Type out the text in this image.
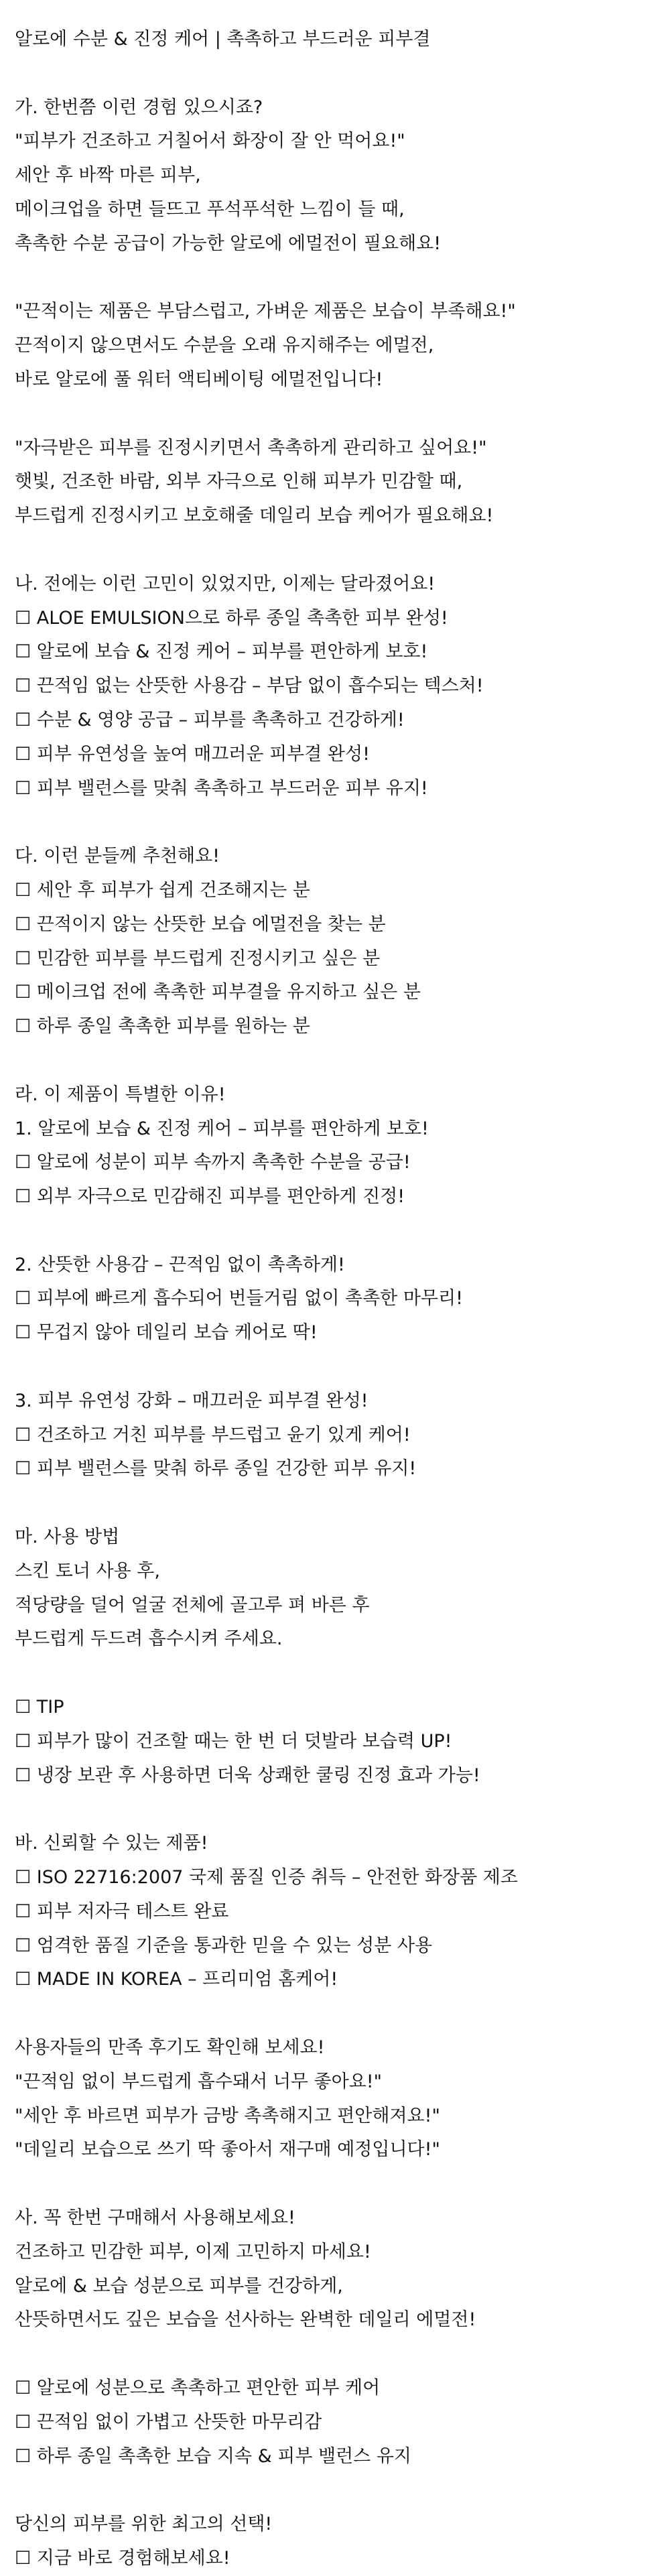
알로에 수분 & 진정 케어 | 촉촉하고 부드러운 피부결

가. 한번쯤 이런 경험 있으시죠?

"피부가 건조하고 거칠어서 화장이 잘 안 먹어요!"

세안 후 바짝 마른 피부,

메이크업을 하면 들뜨고 푸석푸석한 느낌이 들 때,

촉촉한 수분 공급이 가능한 알로에 에멀전이 필요해요!

"끈적이는 제품은 부담스럽고, 가벼운 제품은 보습이 부족해요!"

끈적이지 않으면서도 수분을 오래 유지해주는 에멀전,

바로 알로에 풀 워터 액티베이팅 에멀전입니다!

"자극받은 피부를 진정시키면서 촉촉하게 관리하고 싶어요!"

햇빛, 건조한 바람, 외부 자극으로 인해 피부가 민감할 때,

부드럽게 진정시키고 보호해줄 데일리 보습 케어가 필요해요!

나. 전에는 이런 고민이 있었지만, 이제는 달라졌어요!

☐ ALOE EMULSION으로 하루 종일 촉촉한 피부 완성!

☐ 알로에 보습 & 진정 케어 – 피부를 편안하게 보호!

☐ 끈적임 없는 산뜻한 사용감 – 부담 없이 흡수되는 텍스처!

☐ 수분 & 영양 공급 – 피부를 촉촉하고 건강하게!

☐ 피부 유연성을 높여 매끄러운 피부결 완성!

☐ 피부 밸런스를 맞춰 촉촉하고 부드러운 피부 유지!

다. 이런 분들께 추천해요!

☐ 세안 후 피부가 쉽게 건조해지는 분

☐ 끈적이지 않는 산뜻한 보습 에멀전을 찾는 분

☐ 민감한 피부를 부드럽게 진정시키고 싶은 분

☐ 메이크업 전에 촉촉한 피부결을 유지하고 싶은 분

☐ 하루 종일 촉촉한 피부를 원하는 분

라. 이 제품이 특별한 이유!

1. 알로에 보습 & 진정 케어 – 피부를 편안하게 보호!

☐ 알로에 성분이 피부 속까지 촉촉한 수분을 공급!

☐ 외부 자극으로 민감해진 피부를 편안하게 진정!

2. 산뜻한 사용감 – 끈적임 없이 촉촉하게!

☐ 피부에 빠르게 흡수되어 번들거림 없이 촉촉한 마무리!

☐ 무겁지 않아 데일리 보습 케어로 딱!

3. 피부 유연성 강화 – 매끄러운 피부결 완성!

☐ 건조하고 거친 피부를 부드럽고 윤기 있게 케어!

☐ 피부 밸런스를 맞춰 하루 종일 건강한 피부 유지!

마. 사용 방법

스킨 토너 사용 후,

적당량을 덜어 얼굴 전체에 골고루 펴 바른 후

부드럽게 두드려 흡수시켜 주세요.

☐ TIP

☐ 피부가 많이 건조할 때는 한 번 더 덧발라 보습력 UP!

☐ 냉장 보관 후 사용하면 더욱 상쾌한 쿨링 진정 효과 가능!

바. 신뢰할 수 있는 제품!

☐ ISO 22716:2007 국제 품질 인증 취득 – 안전한 화장품 제조

☐ 피부 저자극 테스트 완료

☐ 엄격한 품질 기준을 통과한 믿을 수 있는 성분 사용

☐ MADE IN KOREA – 프리미엄 홈케어!

사용자들의 만족 후기도 확인해 보세요!

"끈적임 없이 부드럽게 흡수돼서 너무 좋아요!"

"세안 후 바르면 피부가 금방 촉촉해지고 편안해져요!"

"데일리 보습으로 쓰기 딱 좋아서 재구매 예정입니다!"

사. 꼭 한번 구매해서 사용해보세요!

건조하고 민감한 피부, 이제 고민하지 마세요!

알로에 & 보습 성분으로 피부를 건강하게,

산뜻하면서도 깊은 보습을 선사하는 완벽한 데일리 에멀전!

☐ 알로에 성분으로 촉촉하고 편안한 피부 케어

☐ 끈적임 없이 가볍고 산뜻한 마무리감

☐ 하루 종일 촉촉한 보습 지속 & 피부 밸런스 유지

당신의 피부를 위한 최고의 선택!

☐ 지금 바로 경험해보세요!
